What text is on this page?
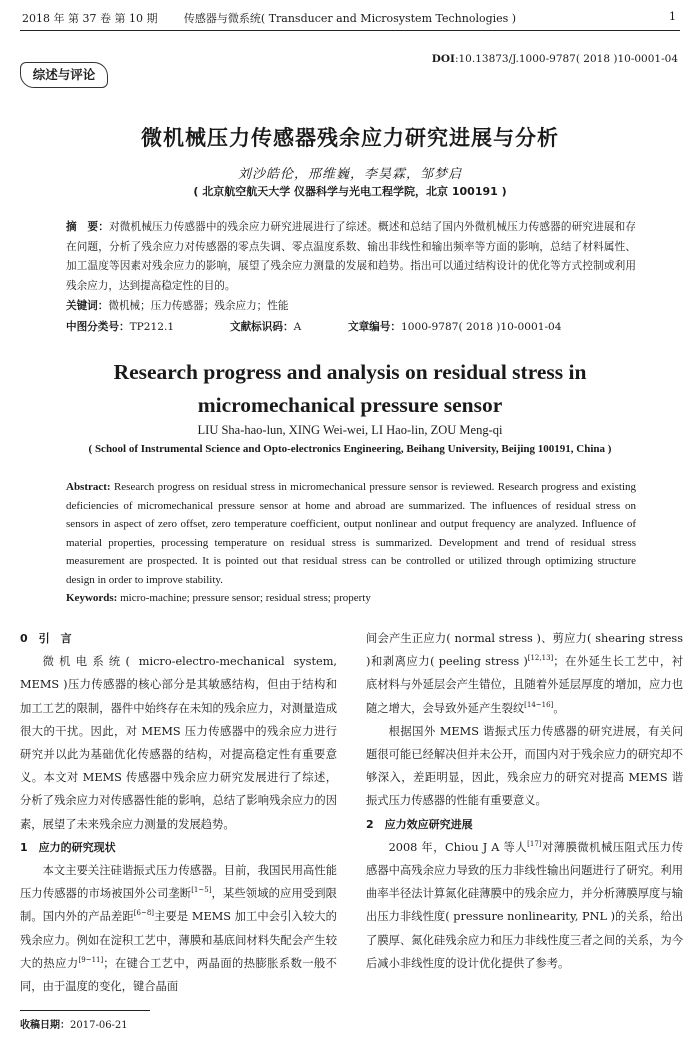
2018 年 第 37 卷 第 10 期	传感器与微系统( Transducer and Microsystem Technologies )	1
DOI:10.13873/J.1000-9787( 2018 )10-0001-04
综述与评论
微机械压力传感器残余应力研究进展与分析
刘沙皓伦，邢维巍，李昊霖，邹梦启
( 北京航空航天大学 仪器科学与光电工程学院，北京 100191 )
摘　要：对微机械压力传感器中的残余应力研究进展进行了综述。概述和总结了国内外微机械压力传感器的研究进展和存在问题，分析了残余应力对传感器的零点失调、零点温度系数、输出非线性和输出频率等方面的影响，总结了材料属性、加工温度等因素对残余应力的影响，展望了残余应力测量的发展和趋势。指出可以通过结构设计的优化等方式控制或利用残余应力，达到提高稳定性的目的。
关键词：微机械；压力传感器；残余应力；性能
中图分类号：TP212.1	文献标识码：A	文章编号：1000-9787( 2018 )10-0001-04
Research progress and analysis on residual stress in micromechanical pressure sensor
LIU Sha-hao-lun, XING Wei-wei, LI Hao-lin, ZOU Meng-qi
( School of Instrumental Science and Opto-electronics Engineering, Beihang University, Beijing 100191, China )
Abstract: Research progress on residual stress in micromechanical pressure sensor is reviewed. Research progress and existing deficiencies of micromechanical pressure sensor at home and abroad are summarized. The influences of residual stress on sensors in aspect of zero offset, zero temperature coefficient, output nonlinear and output frequency are analyzed. Influence of material properties, processing temperature on residual stress is summarized. Development and trend of residual stress measurement are prospected. It is pointed out that residual stress can be controlled or utilized through optimizing structure design in order to improve stability.
Keywords: micro-machine; pressure sensor; residual stress; property
0　引　言
微机电系统( micro-electro-mechanical system, MEMS )压力传感器的核心部分是其敏感结构，但由于结构和加工工艺的限制，器件中始终存在未知的残余应力，对测量造成很大的干扰。因此，对 MEMS 压力传感器中的残余应力进行研究并以此为基础优化传感器的结构，对提高稳定性有重要意义。本文对 MEMS 传感器中残余应力研究发展进行了综述，分析了残余应力对传感器性能的影响，总结了影响残余应力的因素，展望了未来残余应力测量的发展趋势。
1　应力的研究现状
本文主要关注硅谐振式压力传感器。目前，我国民用高性能压力传感器的市场被国外公司垄断[1~5]，某些领域的应用受到限制。国内外的产品差距[6~8]主要是 MEMS 加工中会引入较大的残余应力。例如在淀积工艺中，薄膜和基底间材料失配会产生较大的热应力[9~11]；在键合工艺中，两晶面的热膨胀系数一般不同，由于温度的变化，键合晶面
间会产生正应力( normal stress )、剪应力( shearing stress )和剥离应力( peeling stress )[12,13]；在外延生长工艺中，衬底材料与外延层会产生错位，且随着外延层厚度的增加，应力也随之增大，会导致外延产生裂纹[14~16]。
根据国外 MEMS 谐振式压力传感器的研究进展，有关问题很可能已经解决但并未公开，而国内对于残余应力的研究却不够深入，差距明显，因此，残余应力的研究对提高 MEMS 谐振式压力传感器的性能有重要意义。
2　应力效应研究进展
2008 年，Chiou J A 等人[17]对薄膜微机械压阻式压力传感器中高残余应力导致的压力非线性输出问题进行了研究。利用曲率半径法计算氮化硅薄膜中的残余应力，并分析薄膜厚度与输出压力非线性度( pressure nonlinearity, PNL )的关系，给出了膜厚、氮化硅残余应力和压力非线性度三者之间的关系，为今后减小非线性度的设计优化提供了参考。
收稿日期：2017-06-21
